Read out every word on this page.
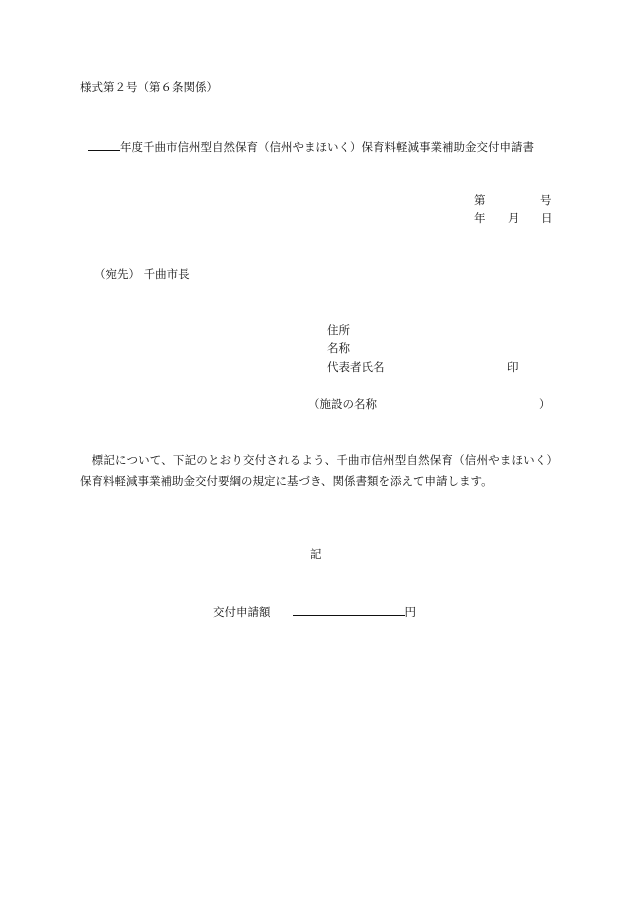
様式第２号（第６条関係）
年度千曲市信州型自然保育（信州やまほいく）保育料軽減事業補助金交付申請書
第	号
年 月 日
（宛先） 千曲市長
住所
名称
代表者氏名	印
（施設の名称	）
　標記について、下記のとおり交付されるよう、千曲市信州型自然保育（信州やまほいく）保育料軽減事業補助金交付要綱の規定に基づき、関係書類を添えて申請します。
記
交付申請額	円
